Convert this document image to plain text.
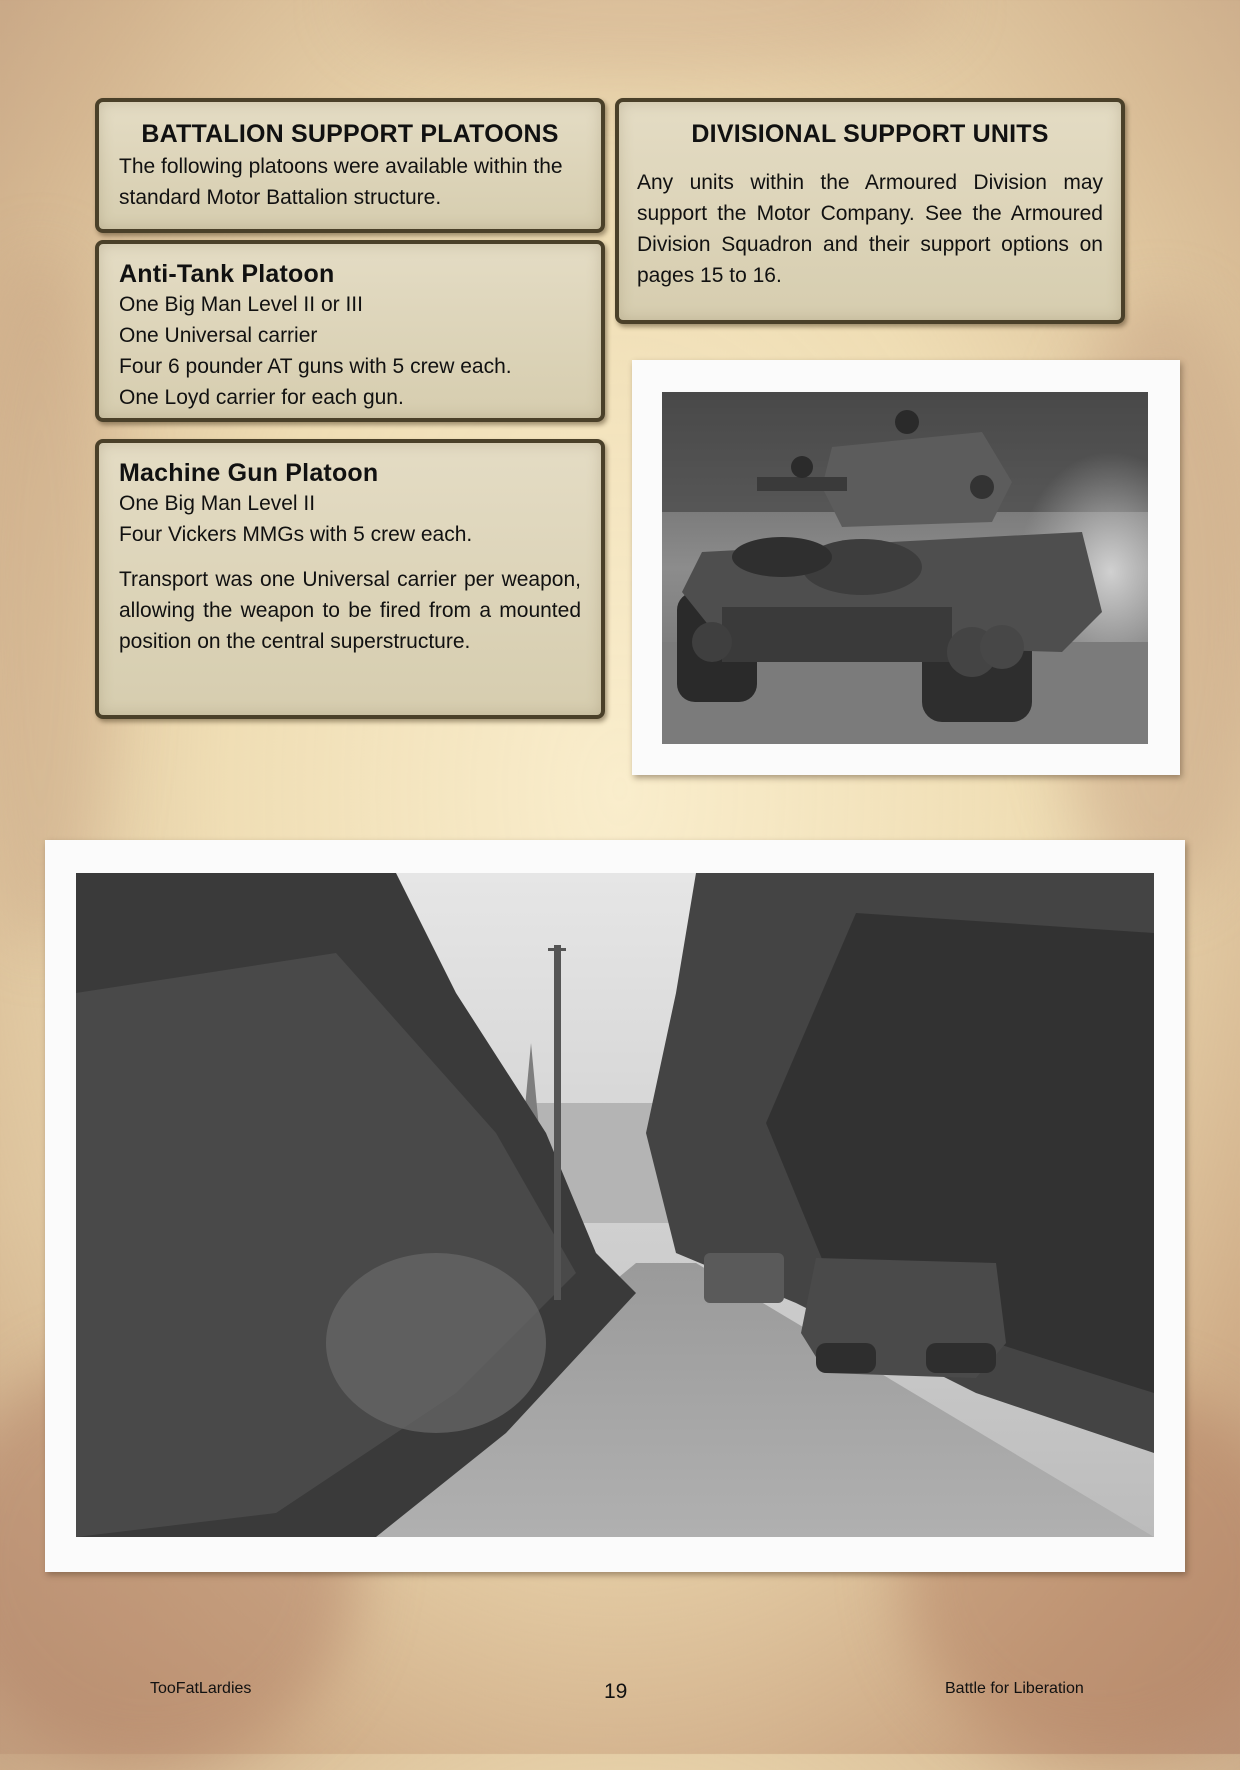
BATTALION SUPPORT PLATOONS

The following platoons were available within the standard Motor Battalion structure.

DIVISIONAL SUPPORT UNITS

Any units within the Armoured Division may support the Motor Company. See the Armoured Division Squadron and their support options on pages 15 to 16.

Anti-Tank Platoon
One Big Man Level II or III
One Universal carrier
Four 6 pounder AT guns with 5 crew each.
One Loyd carrier for each gun.
Machine Gun Platoon
One Big Man Level II
Four Vickers MMGs with 5 crew each.

Transport was one Universal carrier per weapon, allowing the weapon to be fired from a mounted position on the central superstructure.

TooFatLardies	19	Battle for Liberation
